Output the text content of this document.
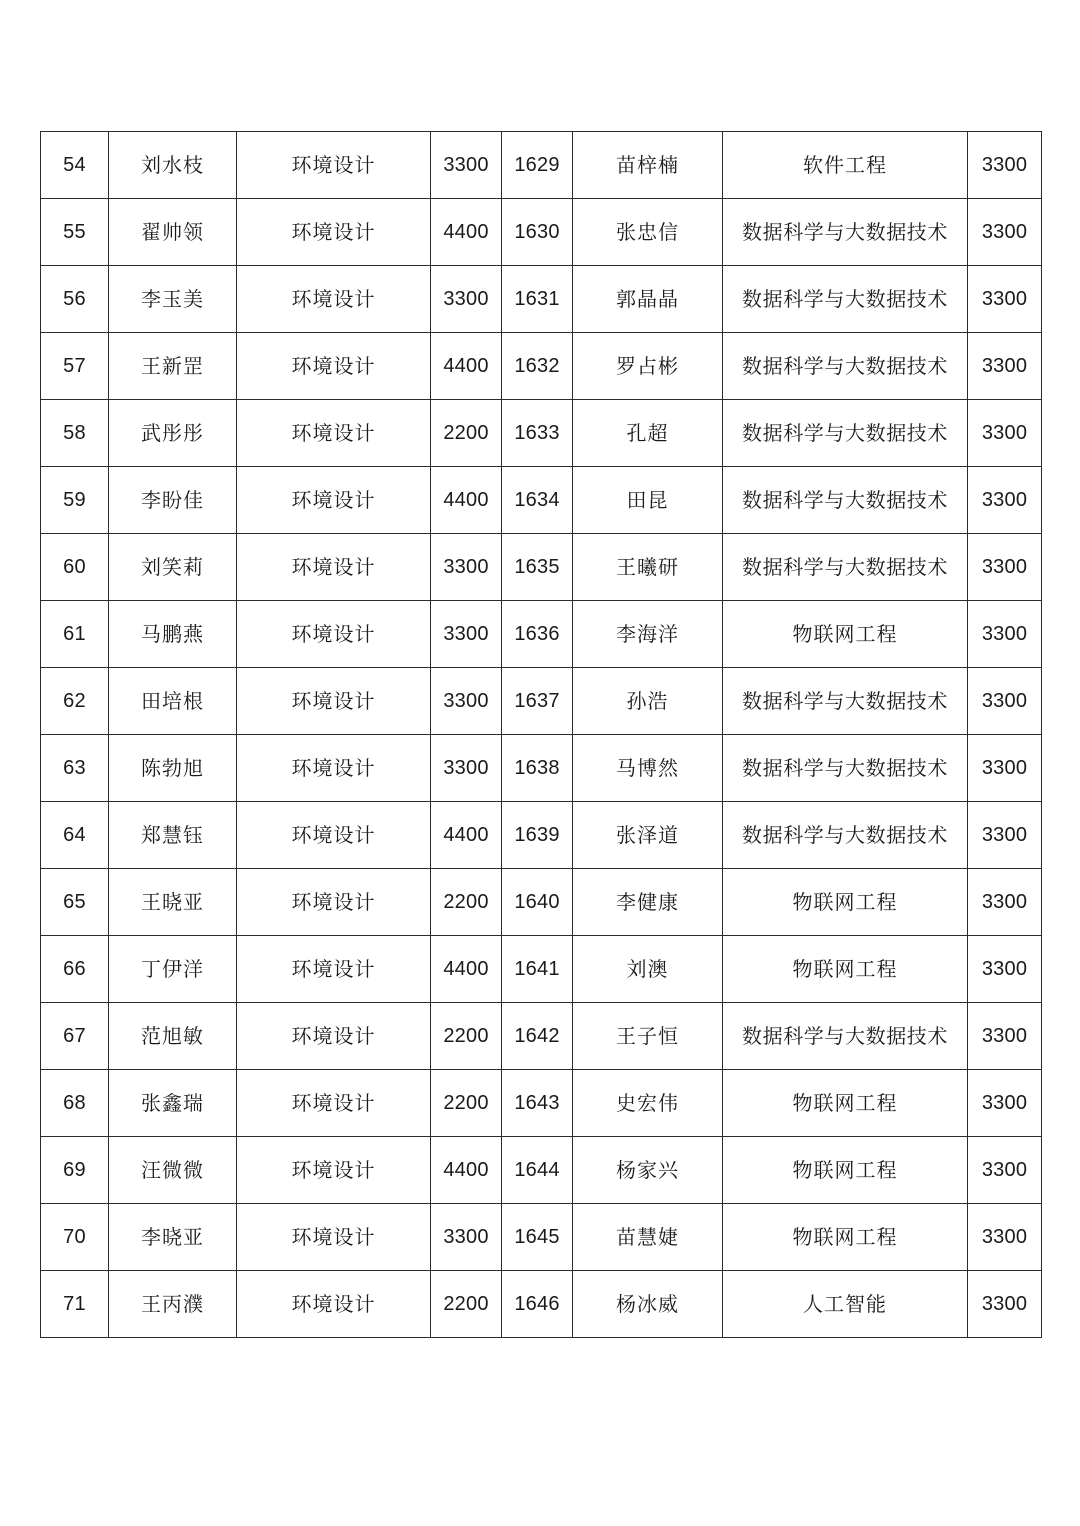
54	刘水枝	环境设计	3300	1629	苗梓楠	软件工程	3300
55	翟帅领	环境设计	4400	1630	张忠信	数据科学与大数据技术	3300
56	李玉美	环境设计	3300	1631	郭晶晶	数据科学与大数据技术	3300
57	王新罡	环境设计	4400	1632	罗占彬	数据科学与大数据技术	3300
58	武彤彤	环境设计	2200	1633	孔超	数据科学与大数据技术	3300
59	李盼佳	环境设计	4400	1634	田昆	数据科学与大数据技术	3300
60	刘笑莉	环境设计	3300	1635	王曦研	数据科学与大数据技术	3300
61	马鹏燕	环境设计	3300	1636	李海洋	物联网工程	3300
62	田培根	环境设计	3300	1637	孙浩	数据科学与大数据技术	3300
63	陈勃旭	环境设计	3300	1638	马博然	数据科学与大数据技术	3300
64	郑慧钰	环境设计	4400	1639	张泽道	数据科学与大数据技术	3300
65	王晓亚	环境设计	2200	1640	李健康	物联网工程	3300
66	丁伊洋	环境设计	4400	1641	刘澳	物联网工程	3300
67	范旭敏	环境设计	2200	1642	王子恒	数据科学与大数据技术	3300
68	张鑫瑞	环境设计	2200	1643	史宏伟	物联网工程	3300
69	汪微微	环境设计	4400	1644	杨家兴	物联网工程	3300
70	李晓亚	环境设计	3300	1645	苗慧婕	物联网工程	3300
71	王丙濮	环境设计	2200	1646	杨冰威	人工智能	3300
